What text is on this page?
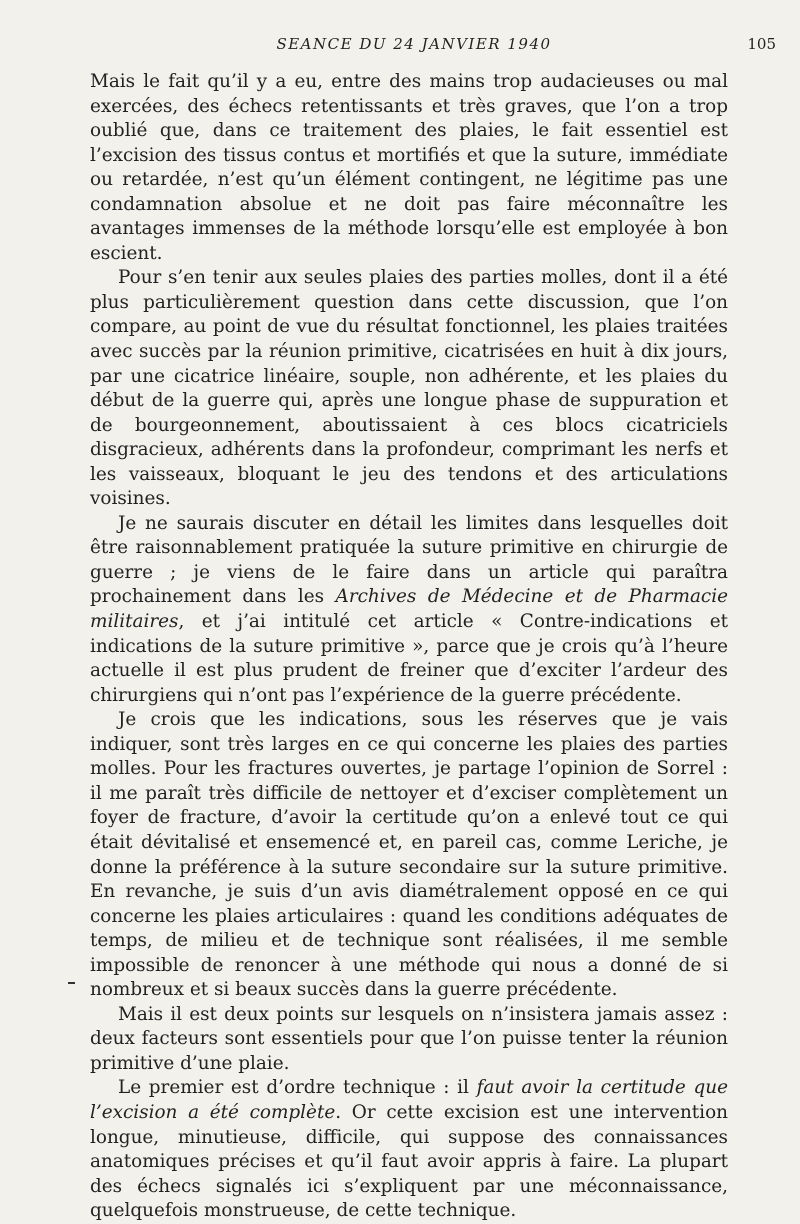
SEANCE DU 24 JANVIER 1940	105

Mais le fait qu’il y a eu, entre des mains trop audacieuses ou mal exercées, des échecs retentissants et très graves, que l’on a trop oublié que, dans ce traitement des plaies, le fait essentiel est l’excision des tissus contus et mortifiés et que la suture, immédiate ou retardée, n’est qu’un élément contingent, ne légitime pas une condamnation absolue et ne doit pas faire méconnaître les avantages immenses de la méthode lorsqu’elle est employée à bon escient.

Pour s’en tenir aux seules plaies des parties molles, dont il a été plus particulièrement question dans cette discussion, que l’on compare, au point de vue du résultat fonctionnel, les plaies traitées avec succès par la réunion primitive, cicatrisées en huit à dix jours, par une cicatrice linéaire, souple, non adhérente, et les plaies du début de la guerre qui, après une longue phase de suppuration et de bourgeonnement, aboutissaient à ces blocs cicatriciels disgracieux, adhérents dans la profondeur, comprimant les nerfs et les vaisseaux, bloquant le jeu des tendons et des articulations voisines.

Je ne saurais discuter en détail les limites dans lesquelles doit être raisonnablement pratiquée la suture primitive en chirurgie de guerre ; je viens de le faire dans un article qui paraîtra prochainement dans les Archives de Médecine et de Pharmacie militaires, et j’ai intitulé cet article « Contre-indications et indications de la suture primitive », parce que je crois qu’à l’heure actuelle il est plus prudent de freiner que d’exciter l’ardeur des chirurgiens qui n’ont pas l’expérience de la guerre précédente.

Je crois que les indications, sous les réserves que je vais indiquer, sont très larges en ce qui concerne les plaies des parties molles. Pour les fractures ouvertes, je partage l’opinion de Sorrel : il me paraît très difficile de nettoyer et d’exciser complètement un foyer de fracture, d’avoir la certitude qu’on a enlevé tout ce qui était dévitalisé et ensemencé et, en pareil cas, comme Leriche, je donne la préférence à la suture secondaire sur la suture primitive. En revanche, je suis d’un avis diamétralement opposé en ce qui concerne les plaies articulaires : quand les conditions adéquates de temps, de milieu et de technique sont réalisées, il me semble impossible de renoncer à une méthode qui nous a donné de si nombreux et si beaux succès dans la guerre précédente.

Mais il est deux points sur lesquels on n’insistera jamais assez : deux facteurs sont essentiels pour que l’on puisse tenter la réunion primitive d’une plaie.

Le premier est d’ordre technique : il faut avoir la certitude que l’excision a été complète. Or cette excision est une intervention longue, minutieuse, difficile, qui suppose des connaissances anatomiques précises et qu’il faut avoir appris à faire. La plupart des échecs signalés ici s’expliquent par une méconnaissance, quelquefois monstrueuse, de cette technique.
